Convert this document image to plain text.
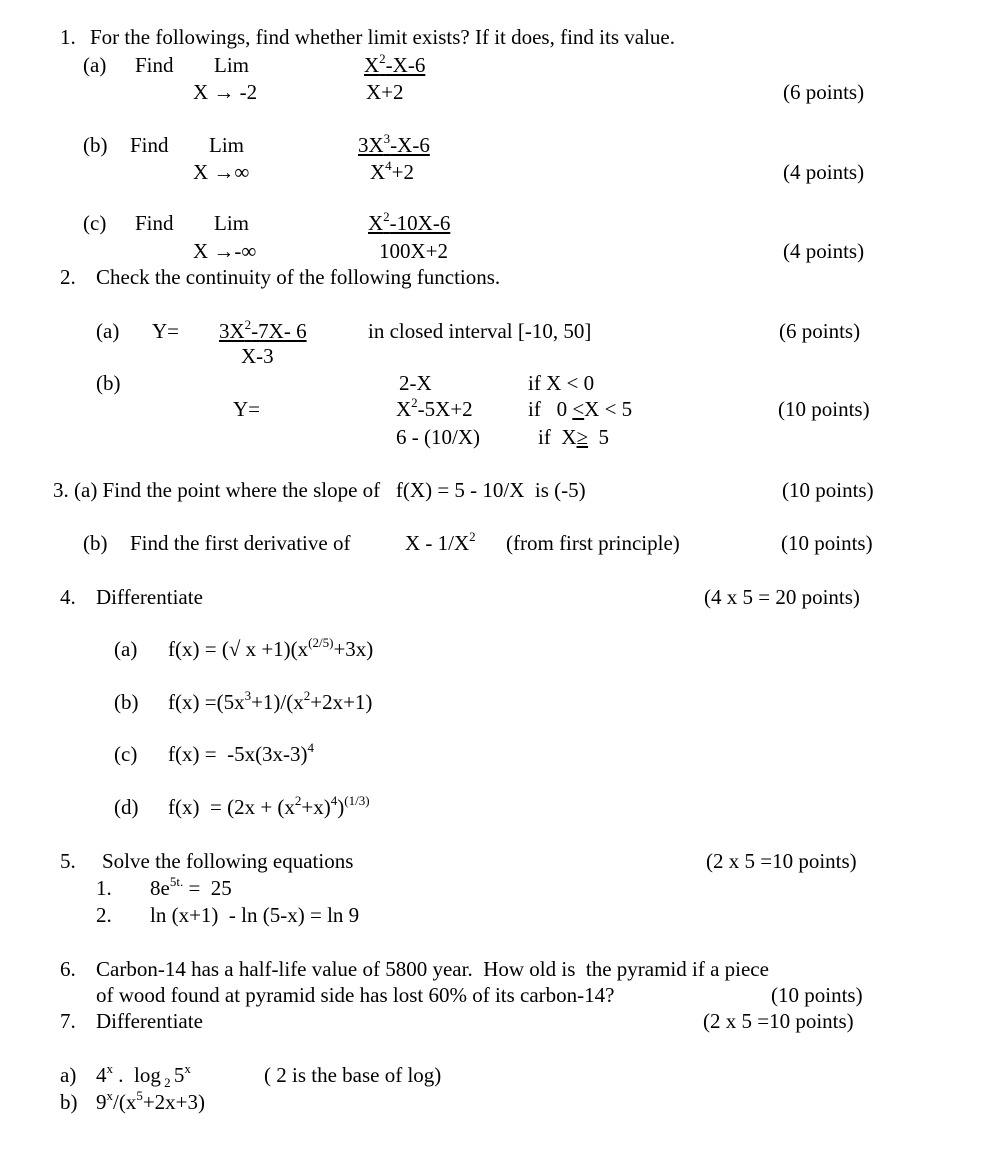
1. For the followings, find whether limit exists? If it does, find its value.
(a) Find Lim
X → -2
$X^2-X-6$
X+2	(6 points)
(b) Find Lim
X →∞
$3X^3-X-6$
$X^4+2$	(4 points)
(c) Find Lim
X →-∞
$X^2-10X-6$
100X+2	(4 points)
2. Check the continuity of the following functions.
(a) $Y= 3X^2-7X-$ 6
X-3
in closed interval [-10, 50]	(6 points)
(b)
Y=
2-X	if X < 0
$X^2-5X+2$	if 0 <X < 5
6 - (10/X)	if X≥ 5
(10 points)
3. (a) Find the point where the slope of   f(X) = 5 - 10/X  is (-5)	(10 points)
(b) Find the first derivative of	X - $1/X^2$ (from first principle)	(10 points)
4. Differentiate	(4 x 5 = 20 points)
(a) f(x) = (√ $x +1)(x^{(2/5)}+3x)$
(b) $f(x) =(5x^3+1)/(x^2+2x+1)$
(c) $f(x) = -5x(3x-3)^4$
(d) $f(x) = (2x + (x^2+x)^4)^{(1/3)}$
5. Solve the following equations	(2 x 5 =10 points)
1. $8e^{5t.} = 25$
2. ln (x+1)  - ln (5-x) = ln 9
6. Carbon-14 has a half-life value of 5800 year.  How old is  the pyramid if a piece
of wood found at pyramid side has lost 60% of its carbon-14?	(10 points)
7. Differentiate	(2 x 5 =10 points)
a) 4$^x$ .  log $_2$ 5$^x$	( 2 is the base of log)
b) $9^x/(x^5+2x+3)$
